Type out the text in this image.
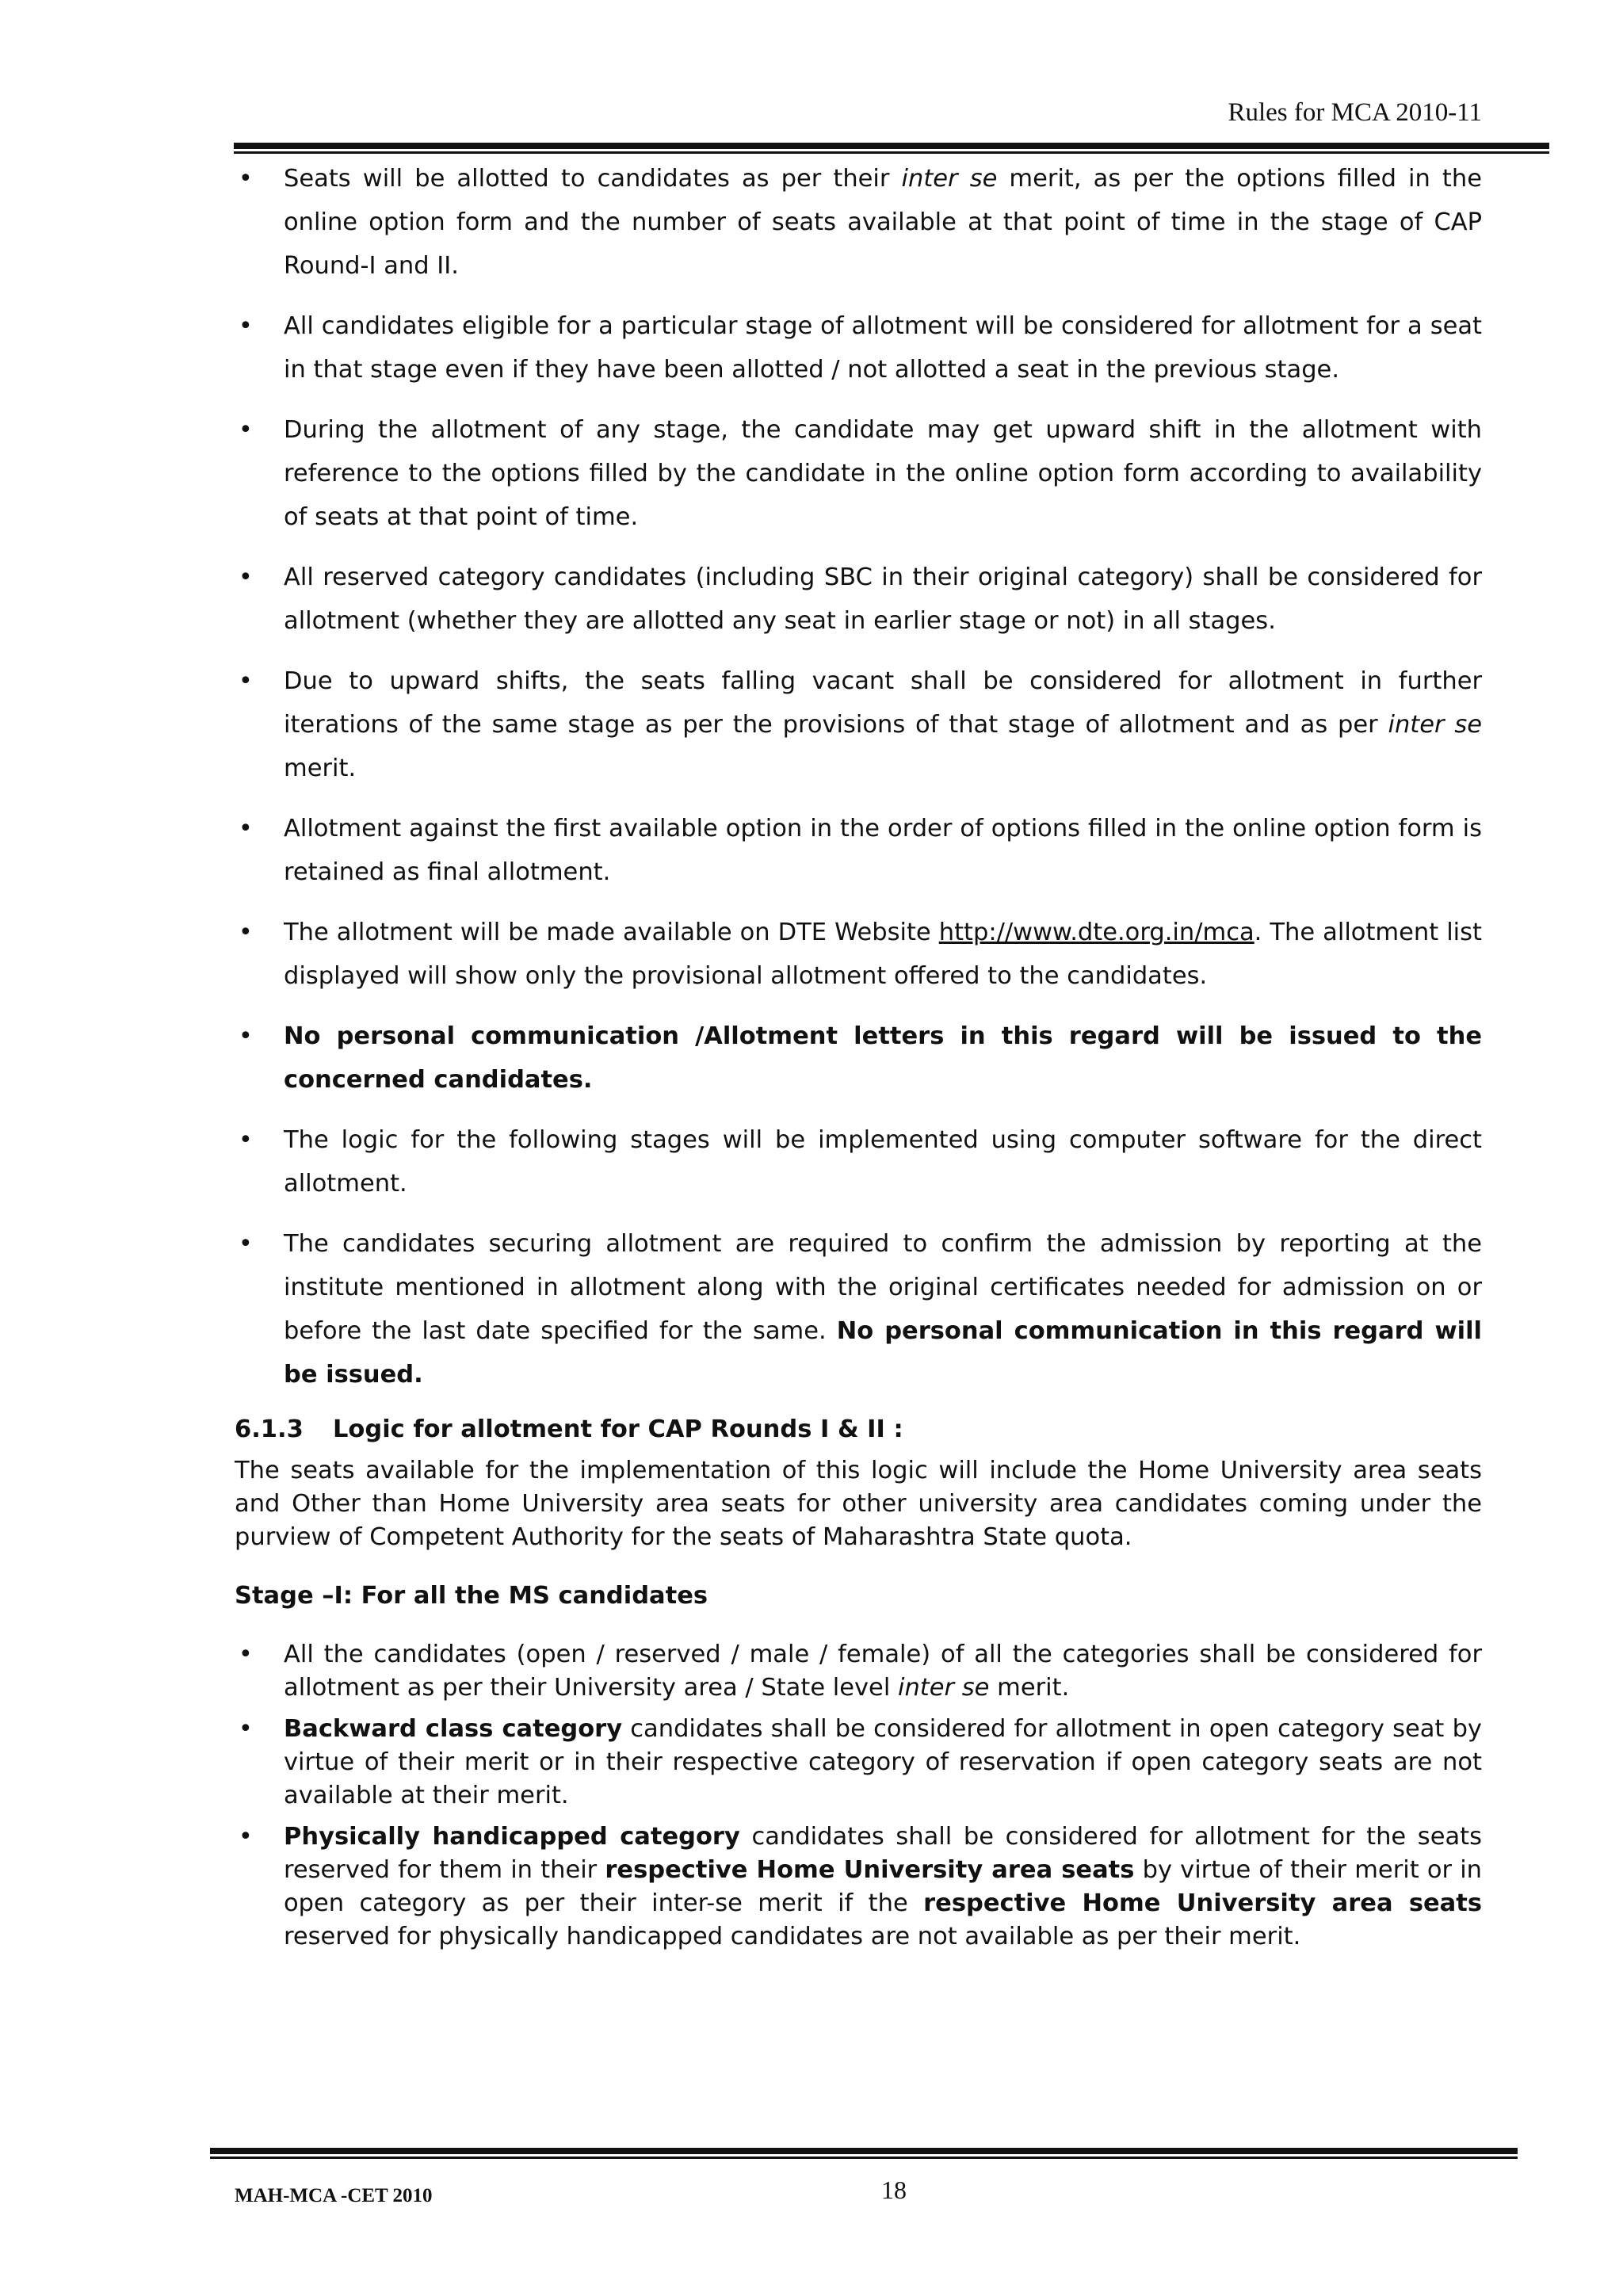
Rules for MCA 2010-11
• Seats will be allotted to candidates as per their inter se merit, as per the options filled in the online option form and the number of seats available at that point of time in the stage of CAP Round-I and II.
• All candidates eligible for a particular stage of allotment will be considered for allotment for a seat in that stage even if they have been allotted / not allotted a seat in the previous stage.
• During the allotment of any stage, the candidate may get upward shift in the allotment with reference to the options filled by the candidate in the online option form according to availability of seats at that point of time.
• All reserved category candidates (including SBC in their original category) shall be considered for allotment (whether they are allotted any seat in earlier stage or not) in all stages.
• Due to upward shifts, the seats falling vacant shall be considered for allotment in further iterations of the same stage as per the provisions of that stage of allotment and as per inter se merit.
• Allotment against the first available option in the order of options filled in the online option form is retained as final allotment.
• The allotment will be made available on DTE Website http://www.dte.org.in/mca. The allotment list displayed will show only the provisional allotment offered to the candidates.
• No personal communication /Allotment letters in this regard will be issued to the concerned candidates.
• The logic for the following stages will be implemented using computer software for the direct allotment.
• The candidates securing allotment are required to confirm the admission by reporting at the institute mentioned in allotment along with the original certificates needed for admission on or before the last date specified for the same. No personal communication in this regard will be issued.
6.1.3 Logic for allotment for CAP Rounds I & II :

The seats available for the implementation of this logic will include the Home University area seats and Other than Home University area seats for other university area candidates coming under the purview of Competent Authority for the seats of Maharashtra State quota.

Stage –I: For all the MS candidates
• All the candidates (open / reserved / male / female) of all the categories shall be considered for allotment as per their University area / State level inter se merit.
• Backward class category candidates shall be considered for allotment in open category seat by virtue of their merit or in their respective category of reservation if open category seats are not available at their merit.
• Physically handicapped category candidates shall be considered for allotment for the seats reserved for them in their respective Home University area seats by virtue of their merit or in open category as per their inter-se merit if the respective Home University area seats reserved for physically handicapped candidates are not available as per their merit.
MAH-MCA -CET 2010	18
